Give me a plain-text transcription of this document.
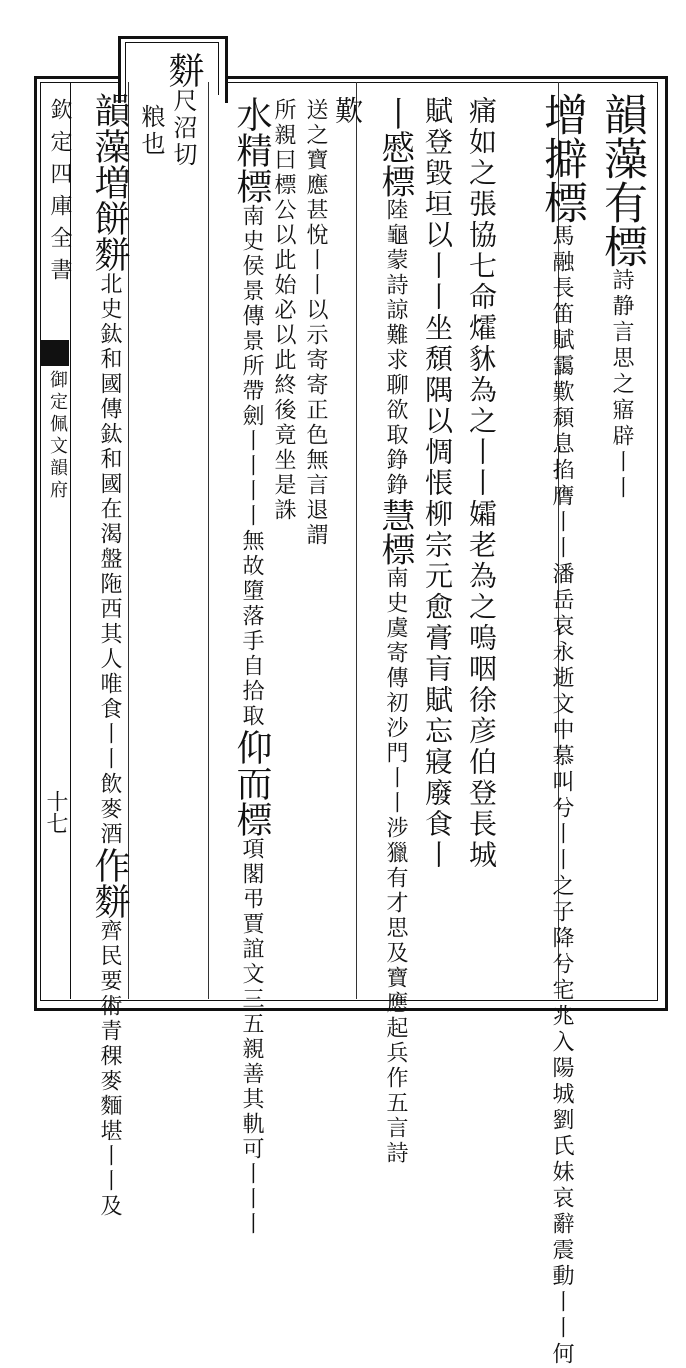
欽定四庫全書
御定佩文韻府
十七
韻藻有標詩静言思之寤辟丨丨
增擗標馬融長笛賦靄歎頹息掐膺丨丨潘岳哀永逝文中慕叫兮丨丨之子降兮宅兆入陽城劉氏妹哀辭震動丨丨何
痛如之張協七命㸌䝗為之丨丨孀老為之嗚咽徐彦伯登長城
賦登毀垣以丨丨坐頹隅以惆悵柳宗元愈膏肓賦忘寢廢食丨
丨慼標陸龜蒙詩諒難求聊欲取錚錚慧標南史虞寄傳初沙門丨丨涉獵有才思及寶應起兵作五言詩
歎
送之寶應甚悅丨丨以示寄寄正色無言退謂
所親曰標公以此始必以此終後竟坐是誅
水精標南史侯景傳景所帶劍丨丨丨丨無故墮落手自拾取仰而標項閣弔賈誼文三五親善其軌可丨丨丨
䴵尺沼切
粮也
韻藻増餅䴵北史鈦和國傳鈦和國在渴盤陁西其人唯食丨丨飲麥酒作䴵齊民要術青稞麥麵堪丨丨及
